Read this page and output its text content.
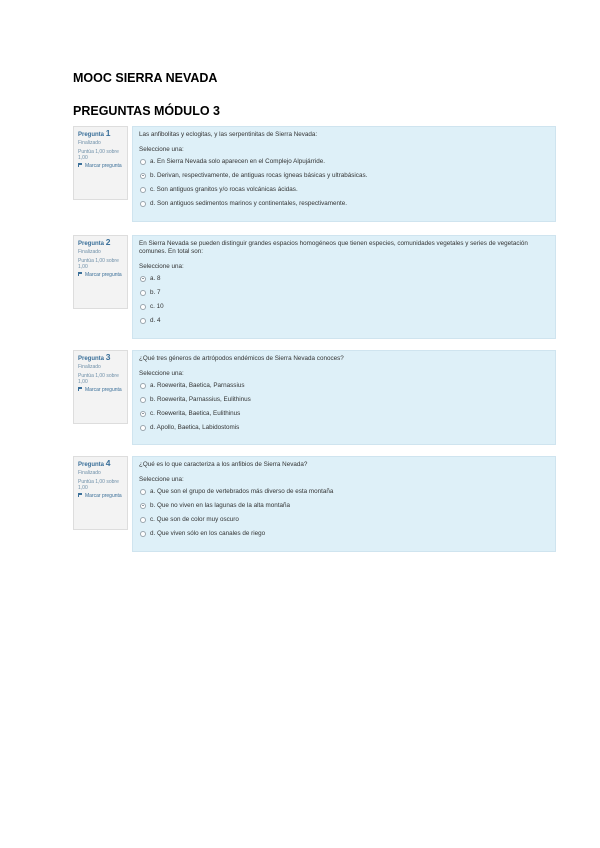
MOOC SIERRA NEVADA
PREGUNTAS MÓDULO 3
Pregunta 1
Finalizado
Puntúa 1,00 sobre 1,00
Marcar pregunta

Las anfibolitas y eclogitas, y las serpentinitas de Sierra Nevada:

Seleccione una:

a. En Sierra Nevada solo aparecen en el Complejo Alpujárride.
b. Derivan, respectivamente, de antiguas rocas ígneas básicas y ultrabásicas.
c. Son antiguos granitos y/o rocas volcánicas ácidas.
d. Son antiguos sedimentos marinos y continentales, respectivamente.
Pregunta 2
Finalizado
Puntúa 1,00 sobre 1,00
Marcar pregunta

En Sierra Nevada se pueden distinguir grandes espacios homogéneos que tienen especies, comunidades vegetales y series de vegetación comunes. En total son:

Seleccione una:

a. 8
b. 7
c. 10
d. 4
Pregunta 3
Finalizado
Puntúa 1,00 sobre 1,00
Marcar pregunta

¿Qué tres géneros de artrópodos endémicos de Sierra Nevada conoces?

Seleccione una:

a. Roewerita, Baetica, Parnassius
b. Roewerita, Parnassius, Eulithinus
c. Roewerita, Baetica, Eulithinus
d. Apollo, Baetica, Labidostomis
Pregunta 4
Finalizado
Puntúa 1,00 sobre 1,00
Marcar pregunta

¿Qué es lo que caracteriza a los anfibios de Sierra Nevada?

Seleccione una:

a. Que son el grupo de vertebrados más diverso de esta montaña
b. Que no viven en las lagunas de la alta montaña
c. Que son de color muy oscuro
d. Que viven sólo en los canales de riego
